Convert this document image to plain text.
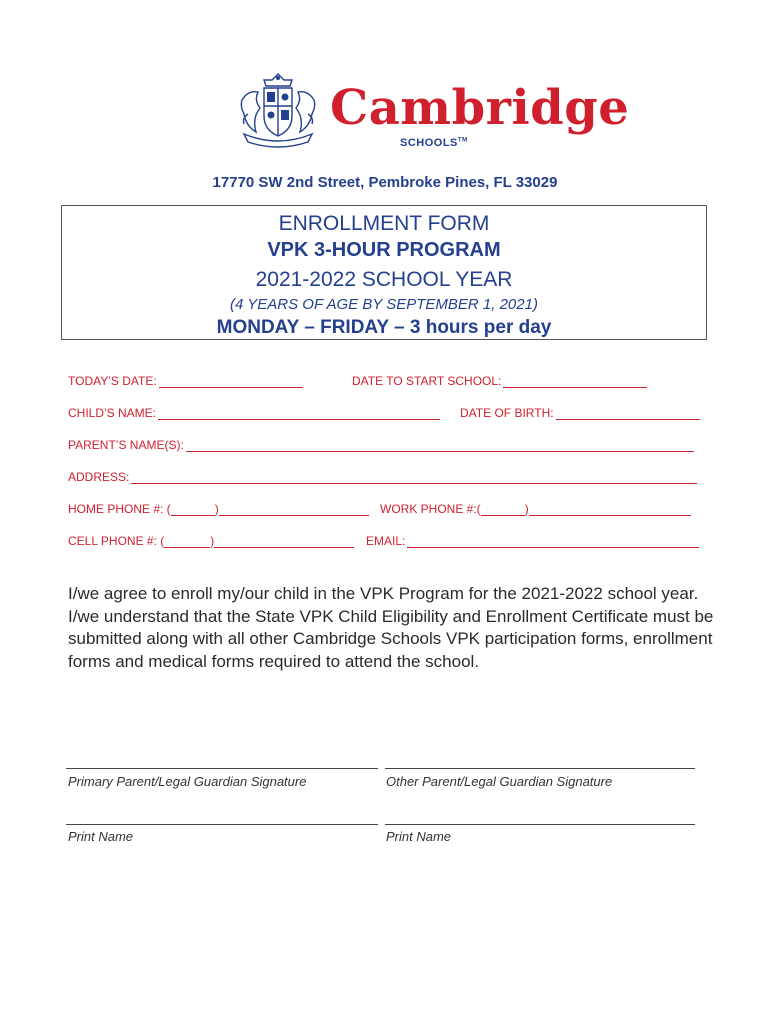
Cambridge
SCHOOLS™
17770 SW 2nd Street, Pembroke Pines, FL 33029
ENROLLMENT FORM
VPK 3-HOUR PROGRAM
2021-2022 SCHOOL YEAR
(4 YEARS OF AGE BY SEPTEMBER 1, 2021)
MONDAY – FRIDAY – 3 hours per day
TODAY’S DATE:	DATE TO START SCHOOL:
CHILD’S NAME:	DATE OF BIRTH:
PARENT’S NAME(S):
ADDRESS:
HOME PHONE #: (	)	WORK PHONE #:(	)
CELL PHONE #: (	)	EMAIL:

I/we agree to enroll my/our child in the VPK Program for the 2021-2022 school year.

I/we understand that the State VPK Child Eligibility and Enrollment Certificate must be submitted along with all other Cambridge Schools VPK participation forms, enrollment forms and medical forms required to attend the school.

Primary Parent/Legal Guardian Signature	Other Parent/Legal Guardian Signature
Print Name	Print Name
